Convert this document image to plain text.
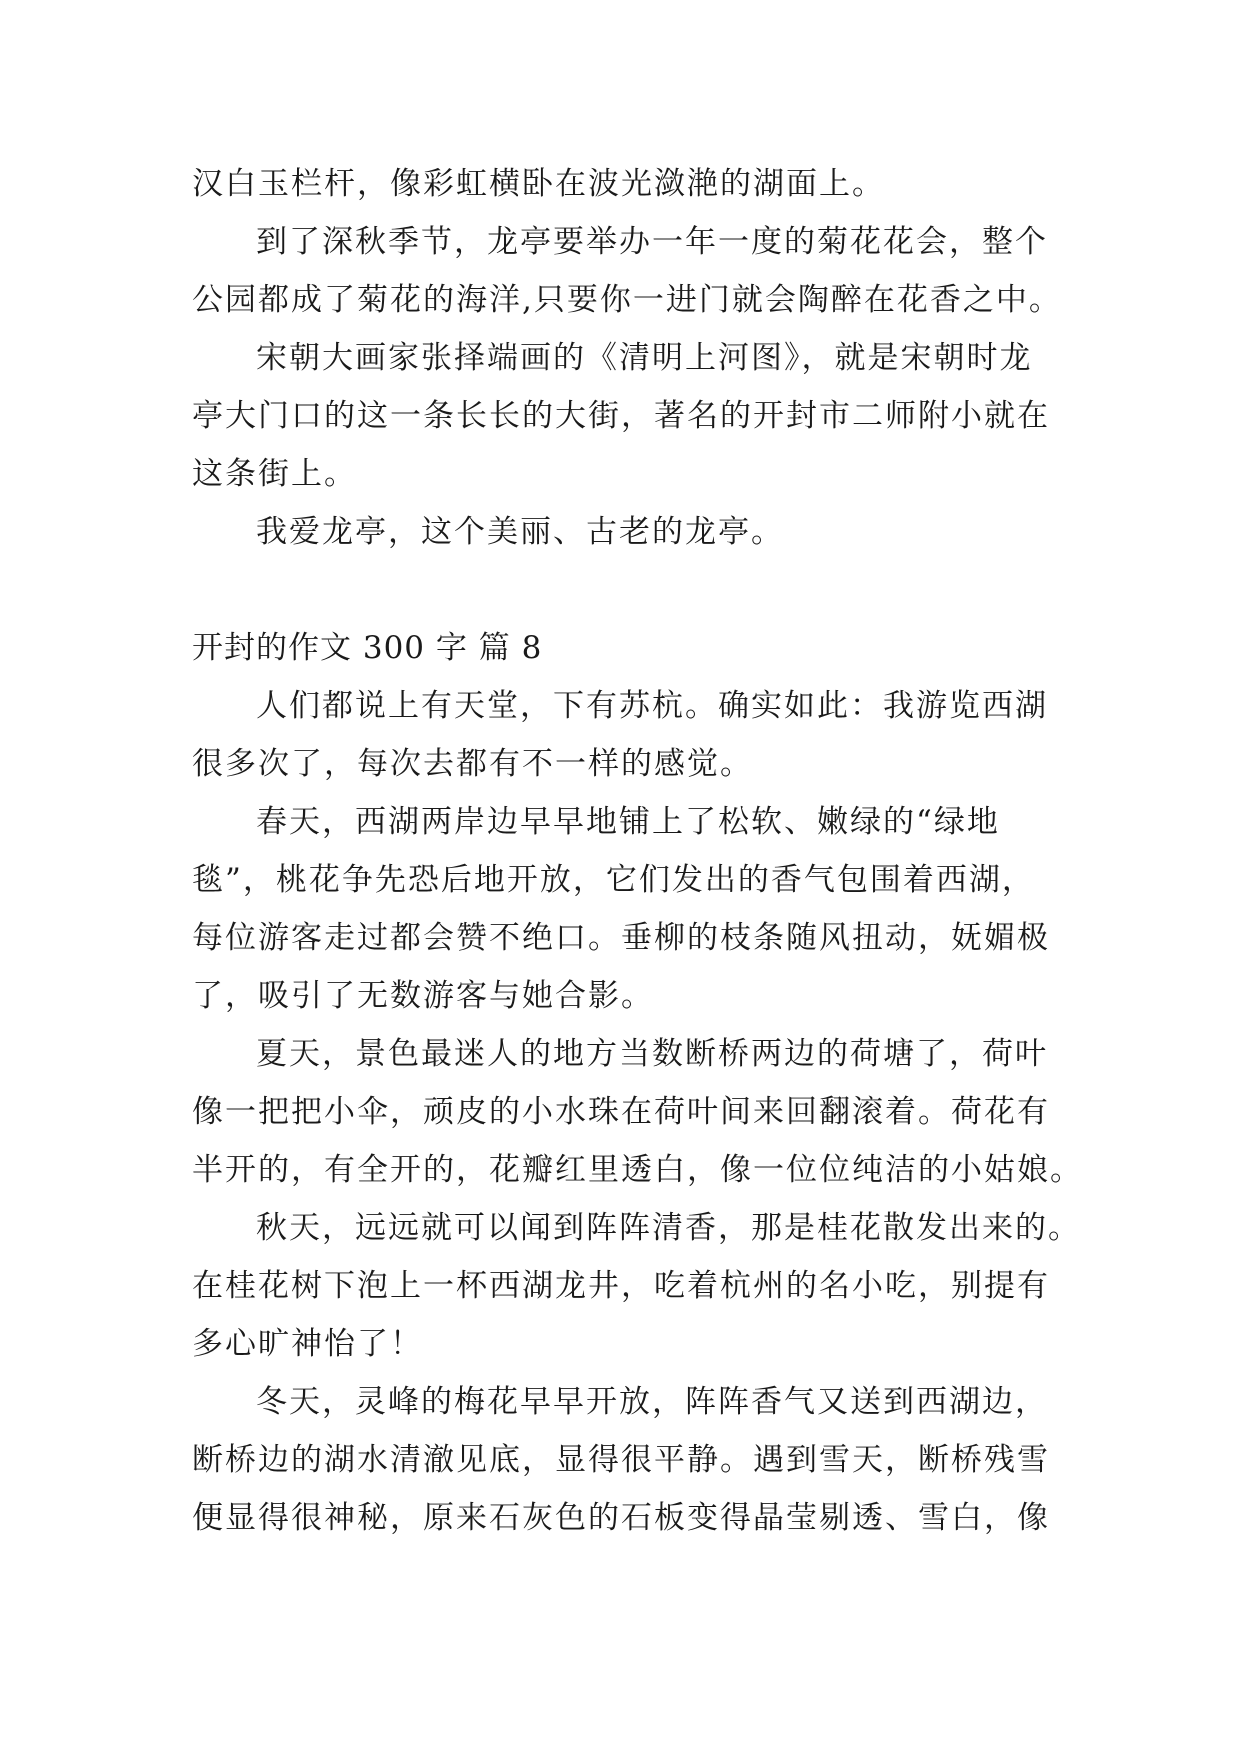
汉白玉栏杆，像彩虹横卧在波光潋滟的湖面上。
到了深秋季节，龙亭要举办一年一度的菊花花会，整个
公园都成了菊花的海洋,只要你一进门就会陶醉在花香之中。
宋朝大画家张择端画的《清明上河图》，就是宋朝时龙
亭大门口的这一条长长的大街，著名的开封市二师附小就在
这条街上。
我爱龙亭，这个美丽、古老的龙亭。
开封的作文 300 字 篇 8
人们都说上有天堂，下有苏杭。确实如此：我游览西湖
很多次了，每次去都有不一样的感觉。
春天，西湖两岸边早早地铺上了松软、嫩绿的“绿地
毯”，桃花争先恐后地开放，它们发出的香气包围着西湖，
每位游客走过都会赞不绝口。垂柳的枝条随风扭动，妩媚极
了，吸引了无数游客与她合影。
夏天，景色最迷人的地方当数断桥两边的荷塘了，荷叶
像一把把小伞，顽皮的小水珠在荷叶间来回翻滚着。荷花有
半开的，有全开的，花瓣红里透白，像一位位纯洁的小姑娘。
秋天，远远就可以闻到阵阵清香，那是桂花散发出来的。
在桂花树下泡上一杯西湖龙井，吃着杭州的名小吃，别提有
多心旷神怡了！
冬天，灵峰的梅花早早开放，阵阵香气又送到西湖边，
断桥边的湖水清澈见底，显得很平静。遇到雪天，断桥残雪
便显得很神秘，原来石灰色的石板变得晶莹剔透、雪白，像
